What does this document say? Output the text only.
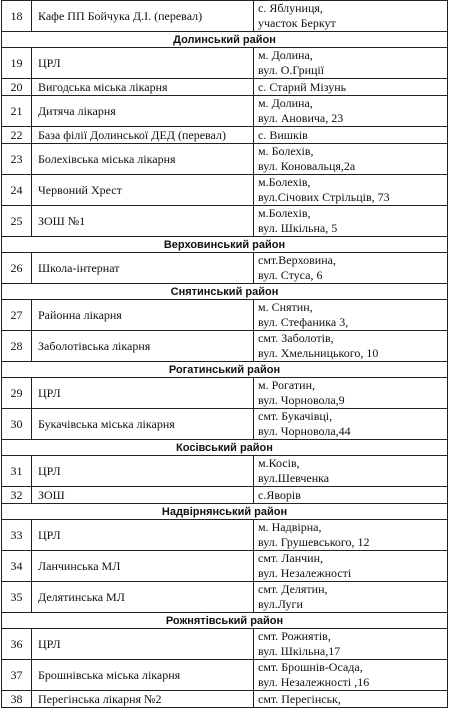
18	Кафе ПП Бойчука Д.І. (перевал)	с. Яблуниця,
участок Беркут
Долинський район		
19	ЦРЛ	м. Долина,
вул. О.Гриції
20	Вигодська міська лікарня	с. Старий Мізунь
21	Дитяча лікарня	м. Долина,
вул. Ановича, 23
22	База філії Долинської ДЕД (перевал)	с. Вишків
23	Болехівська міська лікарня	м. Болехів,
вул. Коновальця,2а
24	Червоний Хрест	м.Болехів,
вул.Січових Стрільців, 73
25	ЗОШ №1	м.Болехів,
вул. Шкільна, 5
Верховинський район		
26	Школа-інтернат	смт.Верховина,
вул. Стуса, 6
Снятинський район		
27	Районна лікарня	м. Снятин,
вул. Стефаника 3,
28	Заболотівська лікарня	смт. Заболотів,
вул. Хмельницького, 10
Рогатинський район		
29	ЦРЛ	м. Рогатин,
вул. Чорновола,9
30	Букачівська міська лікарня	смт. Букачівці,
вул. Чорновола,44
Косівський район		
31	ЦРЛ	м.Косів,
вул.Шевченка
32	ЗОШ	с.Яворів
Надвірнянський район		
33	ЦРЛ	м. Надвірна,
вул. Грушевського, 12
34	Ланчинська МЛ	смт. Ланчин,
вул. Незалежності
35	Делятинська МЛ	смт. Делятин,
вул.Луги
Рожнятівський район		
36	ЦРЛ	смт. Рожнятів,
вул. Шкільна,17
37	Брошнівська міська лікарня	смт. Брошнів-Осада,
вул. Незалежності ,16
38	Перегінська лікарня №2	смт. Перегінськ,
